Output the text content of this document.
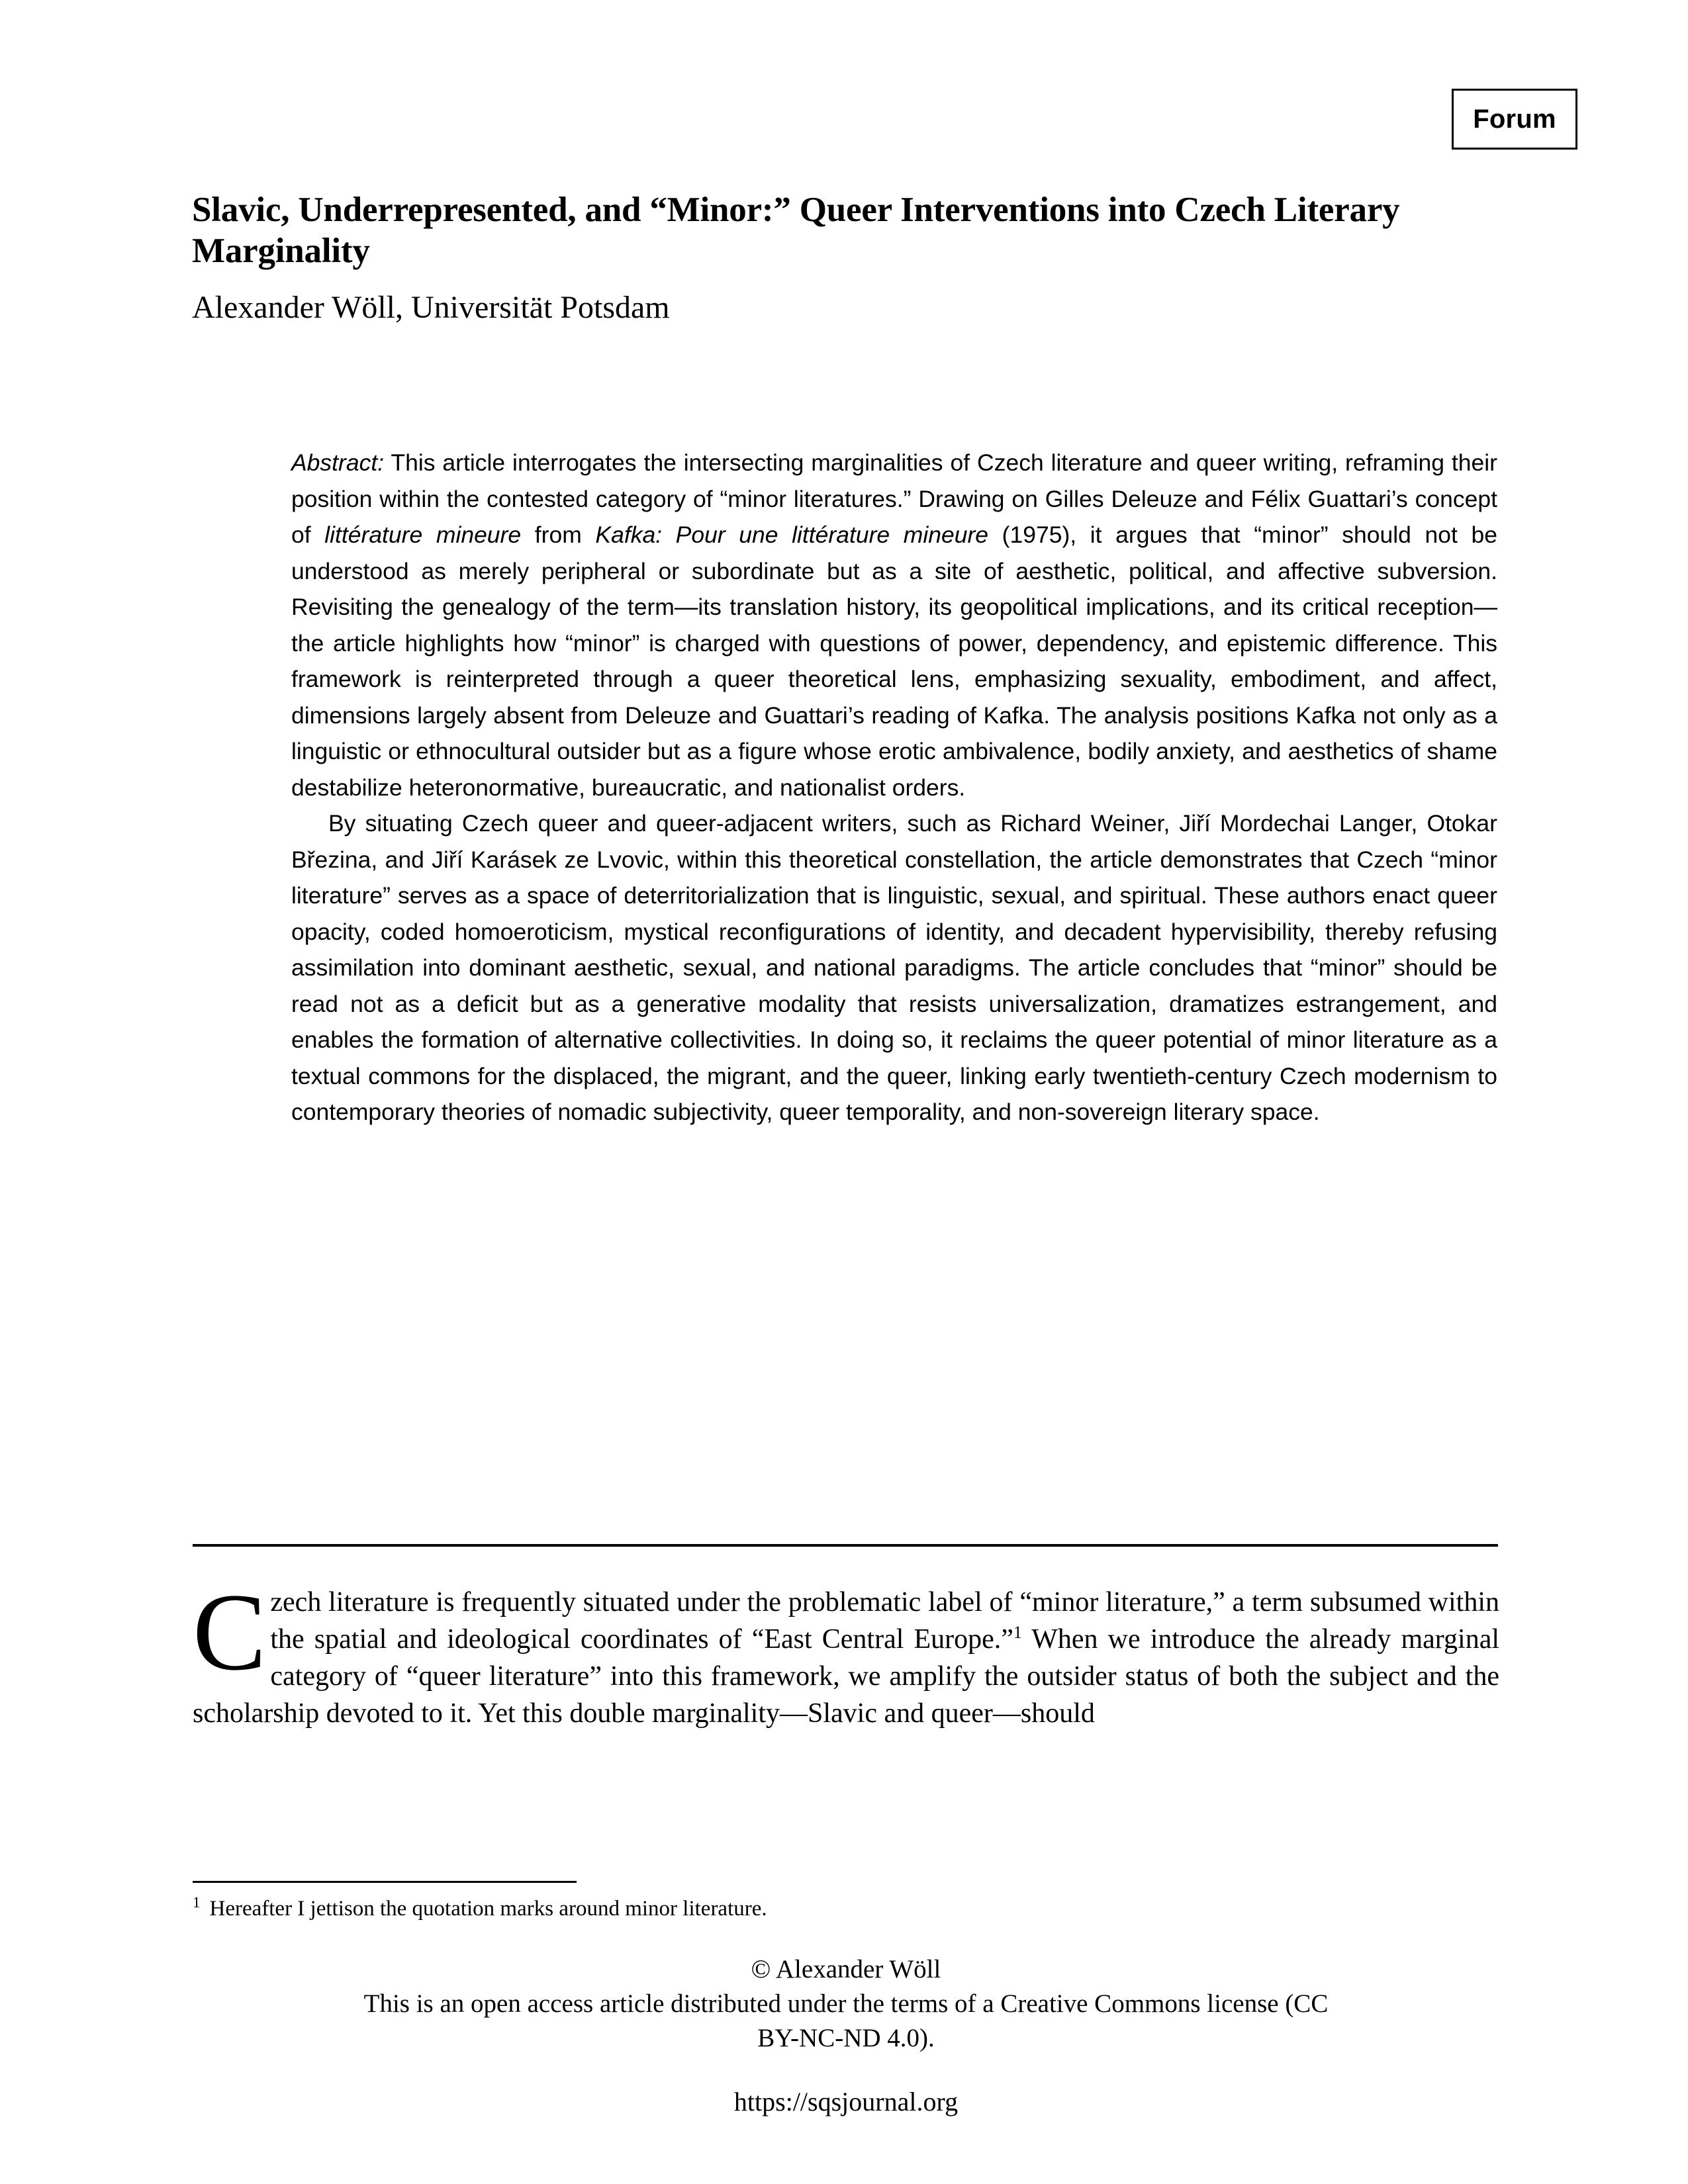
Forum
Slavic, Underrepresented, and “Minor:” Queer Interventions into Czech Literary Marginality

Alexander Wöll, Universität Potsdam

Abstract: This article interrogates the intersecting marginalities of Czech literature and queer writing, reframing their position within the contested category of “minor literatures.” Drawing on Gilles Deleuze and Félix Guattari’s concept of littérature mineure from Kafka: Pour une littérature mineure (1975), it argues that “minor” should not be understood as merely peripheral or subordinate but as a site of aesthetic, political, and affective subversion. Revisiting the genealogy of the term—its translation history, its geopolitical implications, and its critical reception—the article highlights how “minor” is charged with questions of power, dependency, and epistemic difference. This framework is reinterpreted through a queer theoretical lens, emphasizing sexuality, embodiment, and affect, dimensions largely absent from Deleuze and Guattari’s reading of Kafka. The analysis positions Kafka not only as a linguistic or ethnocultural outsider but as a figure whose erotic ambivalence, bodily anxiety, and aesthetics of shame destabilize heteronormative, bureaucratic, and nationalist orders.

By situating Czech queer and queer-adjacent writers, such as Richard Weiner, Jiří Mordechai Langer, Otokar Březina, and Jiří Karásek ze Lvovic, within this theoretical constellation, the article demonstrates that Czech “minor literature” serves as a space of deterritorialization that is linguistic, sexual, and spiritual. These authors enact queer opacity, coded homoeroticism, mystical reconfigurations of identity, and decadent hypervisibility, thereby refusing assimilation into dominant aesthetic, sexual, and national paradigms. The article concludes that “minor” should be read not as a deficit but as a generative modality that resists universalization, dramatizes estrangement, and enables the formation of alternative collectivities. In doing so, it reclaims the queer potential of minor literature as a textual commons for the displaced, the migrant, and the queer, linking early twentieth-century Czech modernism to contemporary theories of nomadic subjectivity, queer temporality, and non-sovereign literary space.

Czech literature is frequently situated under the problematic label of “minor literature,” a term subsumed within the spatial and ideological coordinates of “East Central Europe.”$^1$ When we introduce the already marginal category of “queer literature” into this framework, we amplify the outsider status of both the subject and the scholarship devoted to it. Yet this double marginality—Slavic and queer—should

$^1$ Hereafter I jettison the quotation marks around minor literature.

© Alexander Wöll

This is an open access article distributed under the terms of a Creative Commons license (CC

BY-NC-ND 4.0).

https://sqsjournal.org
